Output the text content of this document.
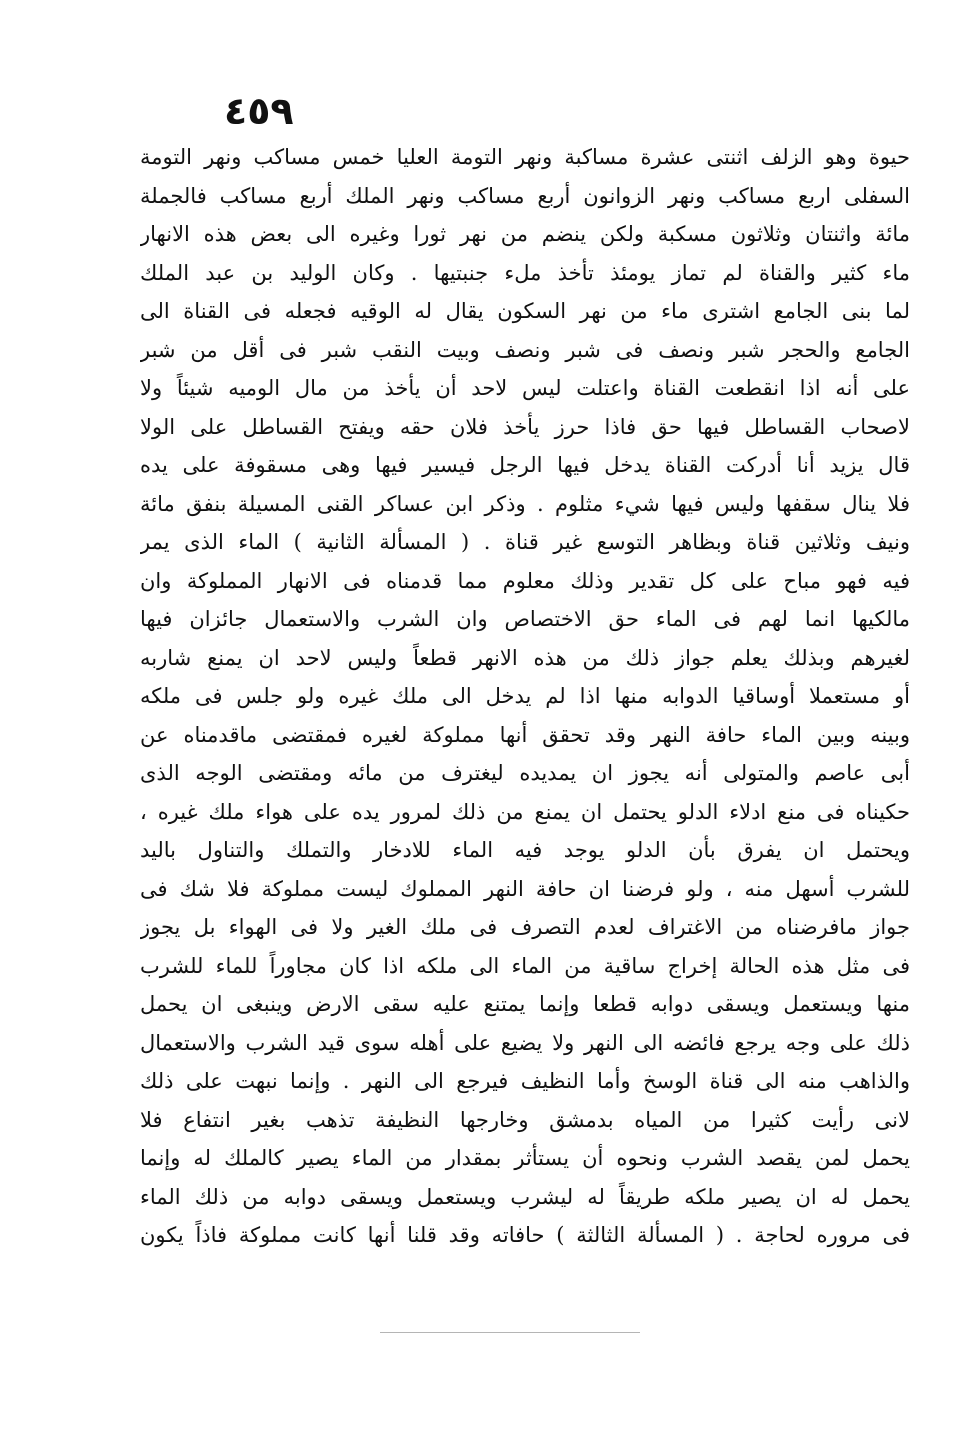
٤٥٩
حيوة وهو الزلف اثنتى عشرة مساكبة ونهر التومة العليا خمس مساكب ونهر التومة
السفلى اربع مساكب ونهر الزوانون أربع مساكب ونهر الملك أربع مساكب فالجملة
مائة واثنتان وثلاثون مسكبة ولكن ينضم من نهر ثورا وغيره الى بعض هذه الانهار
ماء كثير والقناة لم تماز يومئذ تأخذ ملء جنبتيها . وكان الوليد بن عبد الملك
لما بنى الجامع اشترى ماء من نهر السكون يقال له الوقيه فجعله فى القناة الى
الجامع والحجر شبر ونصف فى شبر ونصف وبيت النقب شبر فى أقل من شبر
على أنه اذا انقطعت القناة واعتلت ليس لاحد أن يأخذ من مال الوميه شيئاً ولا
لاصحاب القساطل فيها حق فاذا حرز يأخذ فلان حقه ويفتح القساطل على الولا
قال يزيد أنا أدركت القناة يدخل فيها الرجل فيسير فيها وهى مسقوفة على يده
فلا ينال سقفها وليس فيها شيء مثلوم . وذكر ابن عساكر القنى المسيلة بنفق مائة
ونيف وثلاثين قناة وبظاهر التوسع غير قناة . ( المسألة الثانية ) الماء الذى يمر
فيه فهو مباح على كل تقدير وذلك معلوم مما قدمناه فى الانهار المملوكة وان
مالكيها انما لهم فى الماء حق الاختصاص وان الشرب والاستعمال جائزان فيها
لغيرهم وبذلك يعلم جواز ذلك من هذه الانهر قطعاً وليس لاحد ان يمنع شاربه
أو مستعملا أوساقيا الدوابه منها اذا لم يدخل الى ملك غيره ولو جلس فى ملكه
وبينه وبين الماء حافة النهر وقد تحقق أنها مملوكة لغيره فمقتضى ماقدمناه عن
أبى عاصم والمتولى أنه يجوز ان يمديده ليغترف من مائه ومقتضى الوجه الذى
حكيناه فى منع ادلاء الدلو يحتمل ان يمنع من ذلك لمرور يده على هواء ملك غيره ،
ويحتمل ان يفرق بأن الدلو يوجد فيه الماء للادخار والتملك والتناول باليد
للشرب أسهل منه ، ولو فرضنا ان حافة النهر المملوك ليست مملوكة فلا شك فى
جواز مافرضناه من الاغتراف لعدم التصرف فى ملك الغير ولا فى الهواء بل يجوز
فى مثل هذه الحالة إخراج ساقية من الماء الى ملكه اذا كان مجاوراً للماء للشرب
منها ويستعمل ويسقى دوابه قطعا وإنما يمتنع عليه سقى الارض وينبغى ان يحمل
ذلك على وجه يرجع فائضه الى النهر ولا يضيع على أهله سوى قيد الشرب والاستعمال
والذاهب منه الى قناة الوسخ وأما النظيف فيرجع الى النهر . وإنما نبهت على ذلك
لانى رأيت كثيرا من المياه بدمشق وخارجها النظيفة تذهب بغير انتفاع فلا
يحمل لمن يقصد الشرب ونحوه أن يستأثر بمقدار من الماء يصير كالملك له وإنما
يحمل له ان يصير ملكه طريقاً له ليشرب ويستعمل ويسقى دوابه من ذلك الماء
فى مروره لحاجة . ( المسألة الثالثة ) حافاته وقد قلنا أنها كانت مملوكة فاذاً يكون
